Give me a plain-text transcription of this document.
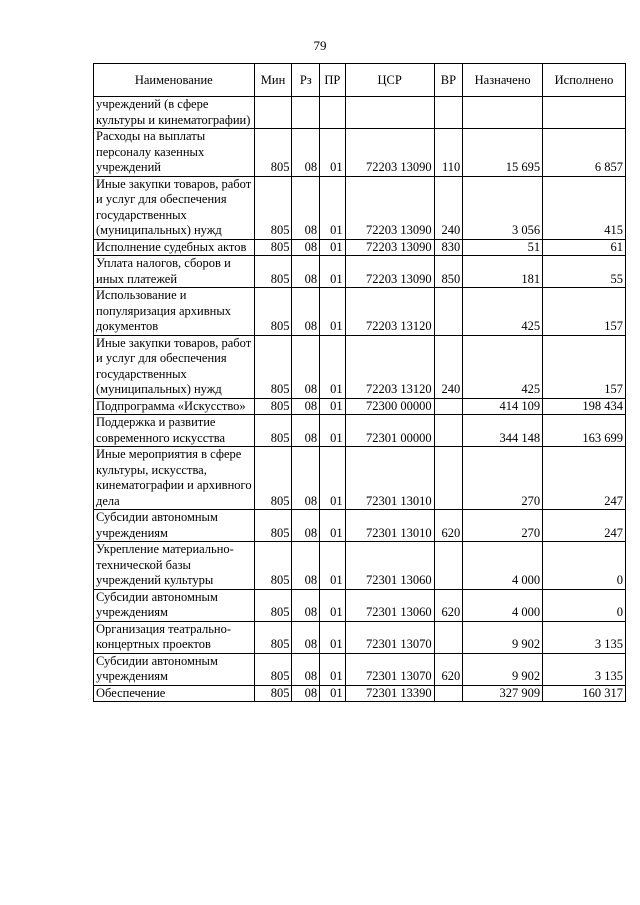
79
Наименование	Мин	Рз	ПР	ЦСР	ВР	Назначено	Исполнено
учреждений (в сфере культуры и кинематографии)							
Расходы на выплаты персоналу казенных учреждений	805	08	01	72203 13090	110	15 695	6 857
Иные закупки товаров, работ и услуг для обеспечения государственных (муниципальных) нужд	805	08	01	72203 13090	240	3 056	415
Исполнение судебных актов	805	08	01	72203 13090	830	51	61
Уплата налогов, сборов и иных платежей	805	08	01	72203 13090	850	181	55
Использование и популяризация архивных документов	805	08	01	72203 13120		425	157
Иные закупки товаров, работ и услуг для обеспечения государственных (муниципальных) нужд	805	08	01	72203 13120	240	425	157
Подпрограмма «Искусство»	805	08	01	72300 00000		414 109	198 434
Поддержка и развитие современного искусства	805	08	01	72301 00000		344 148	163 699
Иные мероприятия в сфере культуры, искусства, кинематографии и архивного дела	805	08	01	72301 13010		270	247
Субсидии автономным учреждениям	805	08	01	72301 13010	620	270	247
Укрепление материально-технической базы учреждений культуры	805	08	01	72301 13060		4 000	0
Субсидии автономным учреждениям	805	08	01	72301 13060	620	4 000	0
Организация театрально-концертных проектов	805	08	01	72301 13070		9 902	3 135
Субсидии автономным учреждениям	805	08	01	72301 13070	620	9 902	3 135
Обеспечение	805	08	01	72301 13390		327 909	160 317
